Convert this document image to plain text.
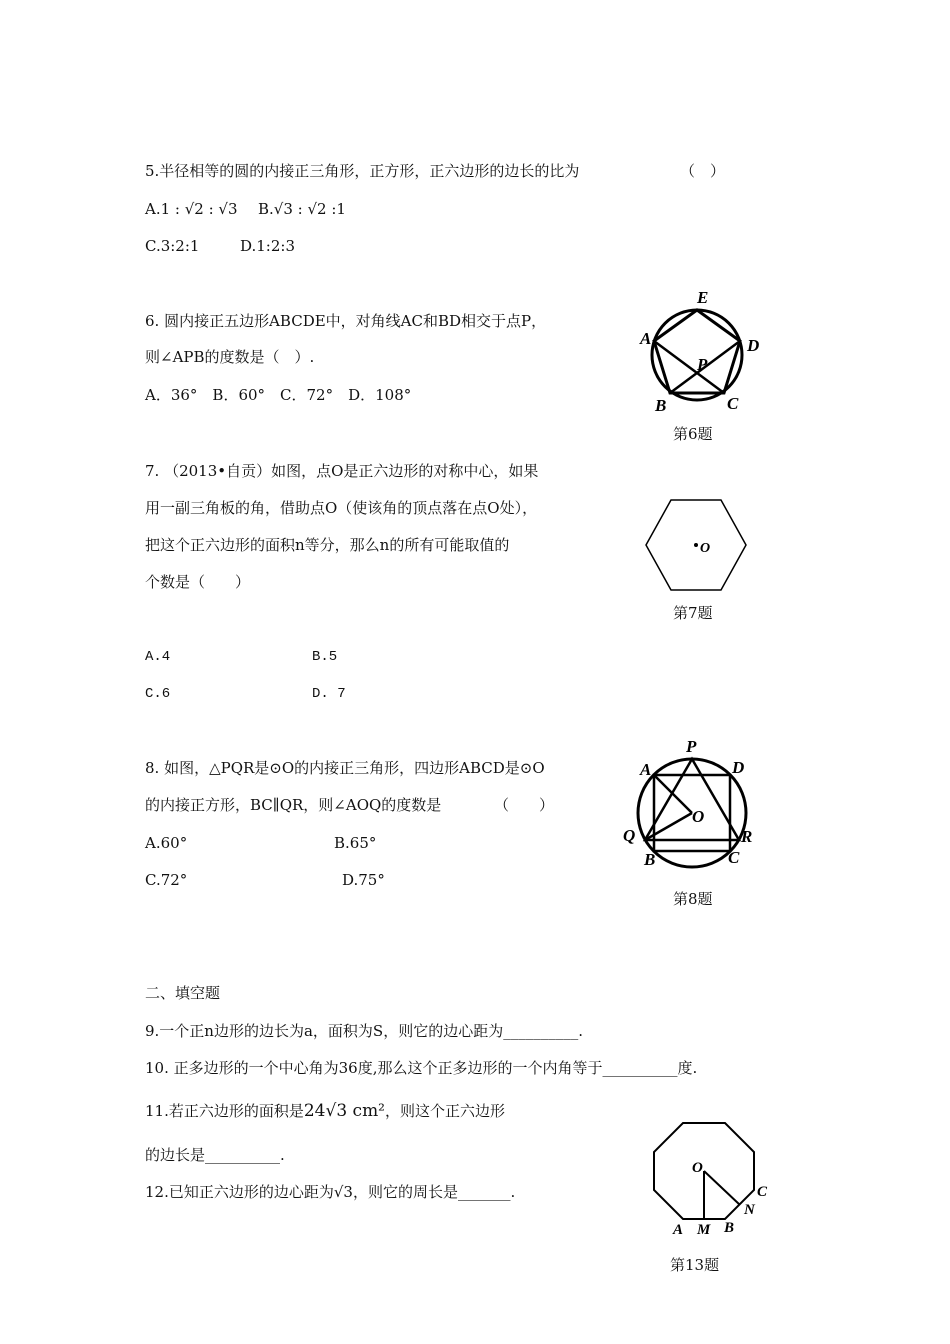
5.半径相等的圆的内接正三角形，正方形，正六边形的边长的比为	（　）
A.1 : √2 : √3 B.√3 : √2 :1
C.3:2:1	D.1:2:3
6. 圆内接正五边形ABCDE中，对角线AC和BD相交于点P，
则∠APB的度数是（　）.
A．36°　B．60°　C．72°　D．108°
E
A	D
P
B	C
第6题
7. （2013•自贡）如图，点O是正六边形的对称中心，如果
用一副三角板的角，借助点O（使该角的顶点落在点O处），
把这个正六边形的面积n等分，那么n的所有可能取值的
个数是（　　）
A.4	B.5
C.6	D. 7
O
第7题
8. 如图，△PQR是⊙O的内接正三角形，四边形ABCD是⊙O
的内接正方形，BC∥QR，则∠AOQ的度数是	（　　）
A.60°	B.65°
C.72°	D.75°
P
A	D
O
Q	R
B	C
第8题
二、填空题
9.一个正n边形的边长为a，面积为S，则它的边心距为__________.
10. 正多边形的一个中心角为36度,那么这个正多边形的一个内角等于__________度.
11.若正六边形的面积是24√3 cm²，则这个正六边形
的边长是__________.
12.已知正六边形的边心距为√3，则它的周长是_______.
O
C
N
A M B
第13题
